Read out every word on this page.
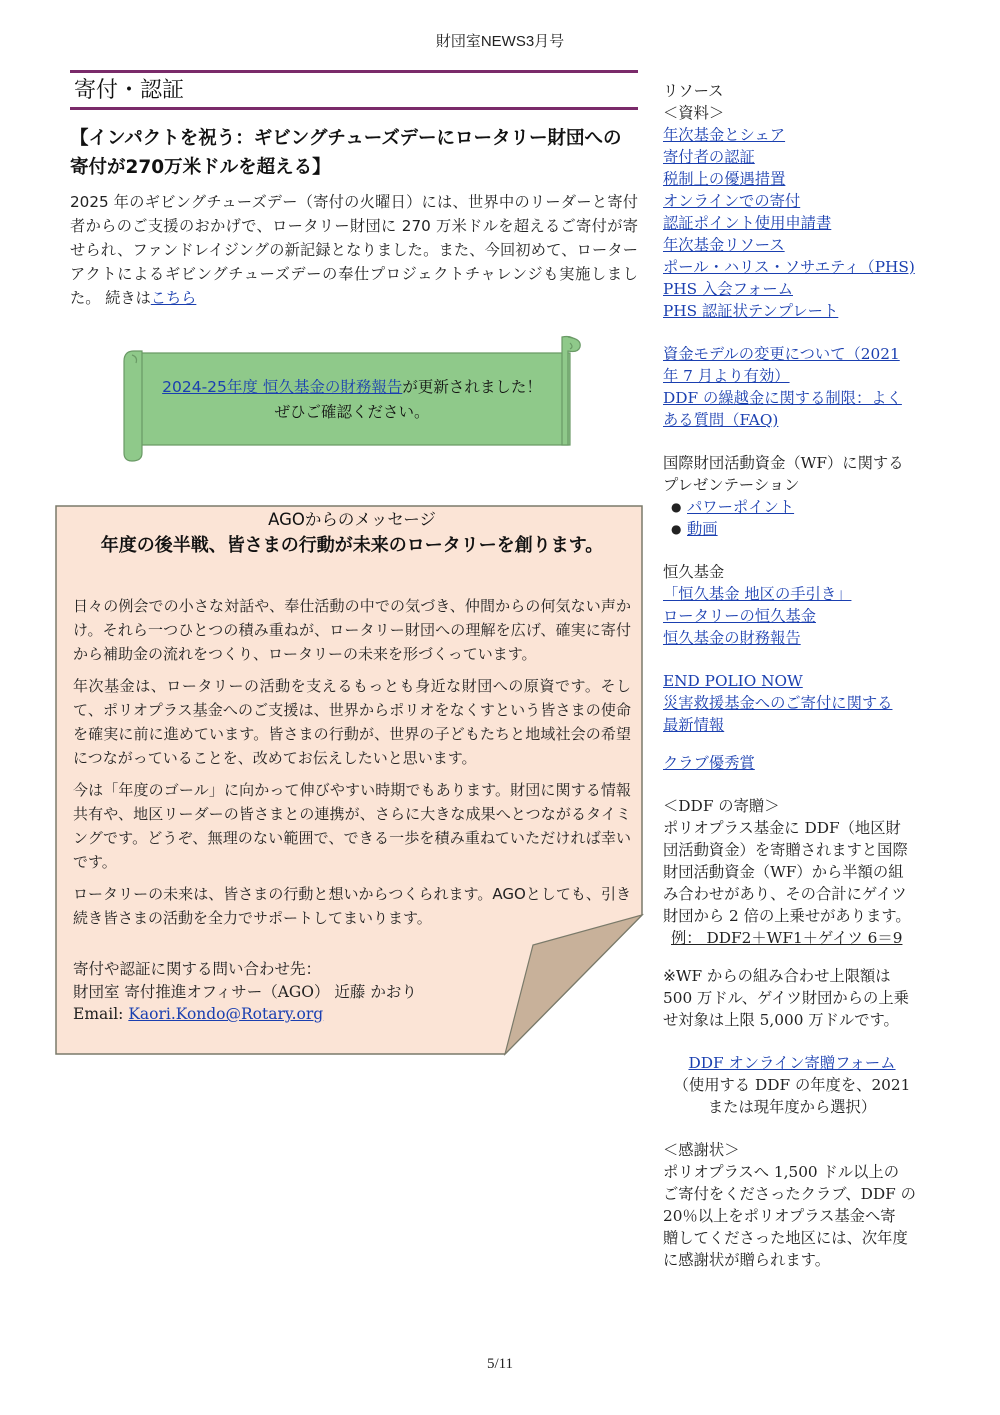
財団室NEWS3月号
寄付・認証
【インパクトを祝う：ギビングチューズデーにロータリー財団への
寄付が270万米ドルを超える】
2025 年のギビングチューズデー（寄付の火曜日）には、世界中のリーダーと寄付者からのご支援のおかげで、ロータリー財団に 270 万米ドルを超えるご寄付が寄せられ、ファンドレイジングの新記録となりました。また、今回初めて、ローターアクトによるギビングチューズデーの奉仕プロジェクトチャレンジも実施しました。 続きはこちら
2024-25年度 恒久基金の財務報告が更新されました！
ぜひご確認ください。
AGOからのメッセージ
年度の後半戦、皆さまの行動が未来のロータリーを創ります。
日々の例会での小さな対話や、奉仕活動の中での気づき、仲間からの何気ない声かけ。それら一つひとつの積み重ねが、ロータリー財団への理解を広げ、確実に寄付から補助金の流れをつくり、ロータリーの未来を形づくっています。
年次基金は、ロータリーの活動を支えるもっとも身近な財団への原資です。そして、ポリオプラス基金へのご支援は、世界からポリオをなくすという皆さまの使命を確実に前に進めています。皆さまの行動が、世界の子どもたちと地域社会の希望につながっていることを、改めてお伝えしたいと思います。
今は「年度のゴール」に向かって伸びやすい時期でもあります。財団に関する情報共有や、地区リーダーの皆さまとの連携が、さらに大きな成果へとつながるタイミングです。どうぞ、無理のない範囲で、できる一歩を積み重ねていただければ幸いです。
ロータリーの未来は、皆さまの行動と想いからつくられます。AGOとしても、引き続き皆さまの活動を全力でサポートしてまいります。
寄付や認証に関する問い合わせ先：
財団室 寄付推進オフィサー（AGO） 近藤 かおり
Email: Kaori.Kondo@Rotary.org
リソース
＜資料＞
年次基金とシェア
寄付者の認証
税制上の優遇措置
オンラインでの寄付
認証ポイント使用申請書
年次基金リソース
ポール・ハリス・ソサエティ（PHS)
PHS 入会フォーム
PHS 認証状テンプレート
資金モデルの変更について（2021
年 7 月より有効）
DDF の繰越金に関する制限：よく
ある質問（FAQ)
国際財団活動資金（WF）に関する
プレゼンテーション
● パワーポイント
● 動画
恒久基金
「恒久基金 地区の手引き」
ロータリーの恒久基金
恒久基金の財務報告
END POLIO NOW
災害救援基金へのご寄付に関する
最新情報
クラブ優秀賞
＜DDF の寄贈＞
ポリオプラス基金に DDF（地区財
団活動資金）を寄贈されますと国際
財団活動資金（WF）から半額の組
み合わせがあり、その合計にゲイツ
財団から 2 倍の上乗せがあります。
例： DDF2＋WF1＋ゲイツ 6＝9
※WF からの組み合わせ上限額は
500 万ドル、ゲイツ財団からの上乗
せ対象は上限 5,000 万ドルです。
DDF オンライン寄贈フォーム
（使用する DDF の年度を、2021
または現年度から選択）
＜感謝状＞
ポリオプラスへ 1,500 ドル以上の
ご寄付をくださったクラブ、DDF の
20％以上をポリオプラス基金へ寄
贈してくださった地区には、次年度
に感謝状が贈られます。
5/11
